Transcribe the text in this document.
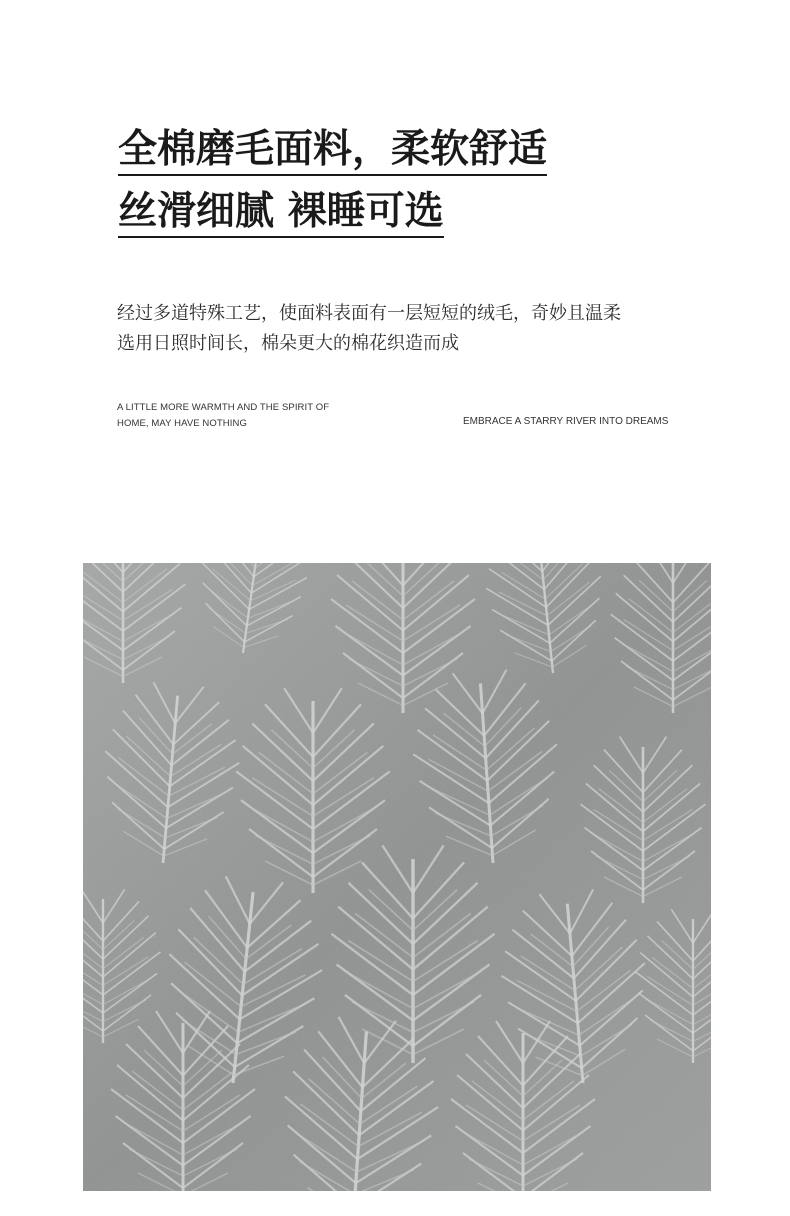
全棉磨毛面料，柔软舒适
丝滑细腻 裸睡可选
经过多道特殊工艺，使面料表面有一层短短的绒毛，奇妙且温柔
选用日照时间长，棉朵更大的棉花织造而成
A LITTLE MORE WARMTH AND THE SPIRIT OF
HOME, MAY HAVE NOTHING	EMBRACE A STARRY RIVER INTO DREAMS
